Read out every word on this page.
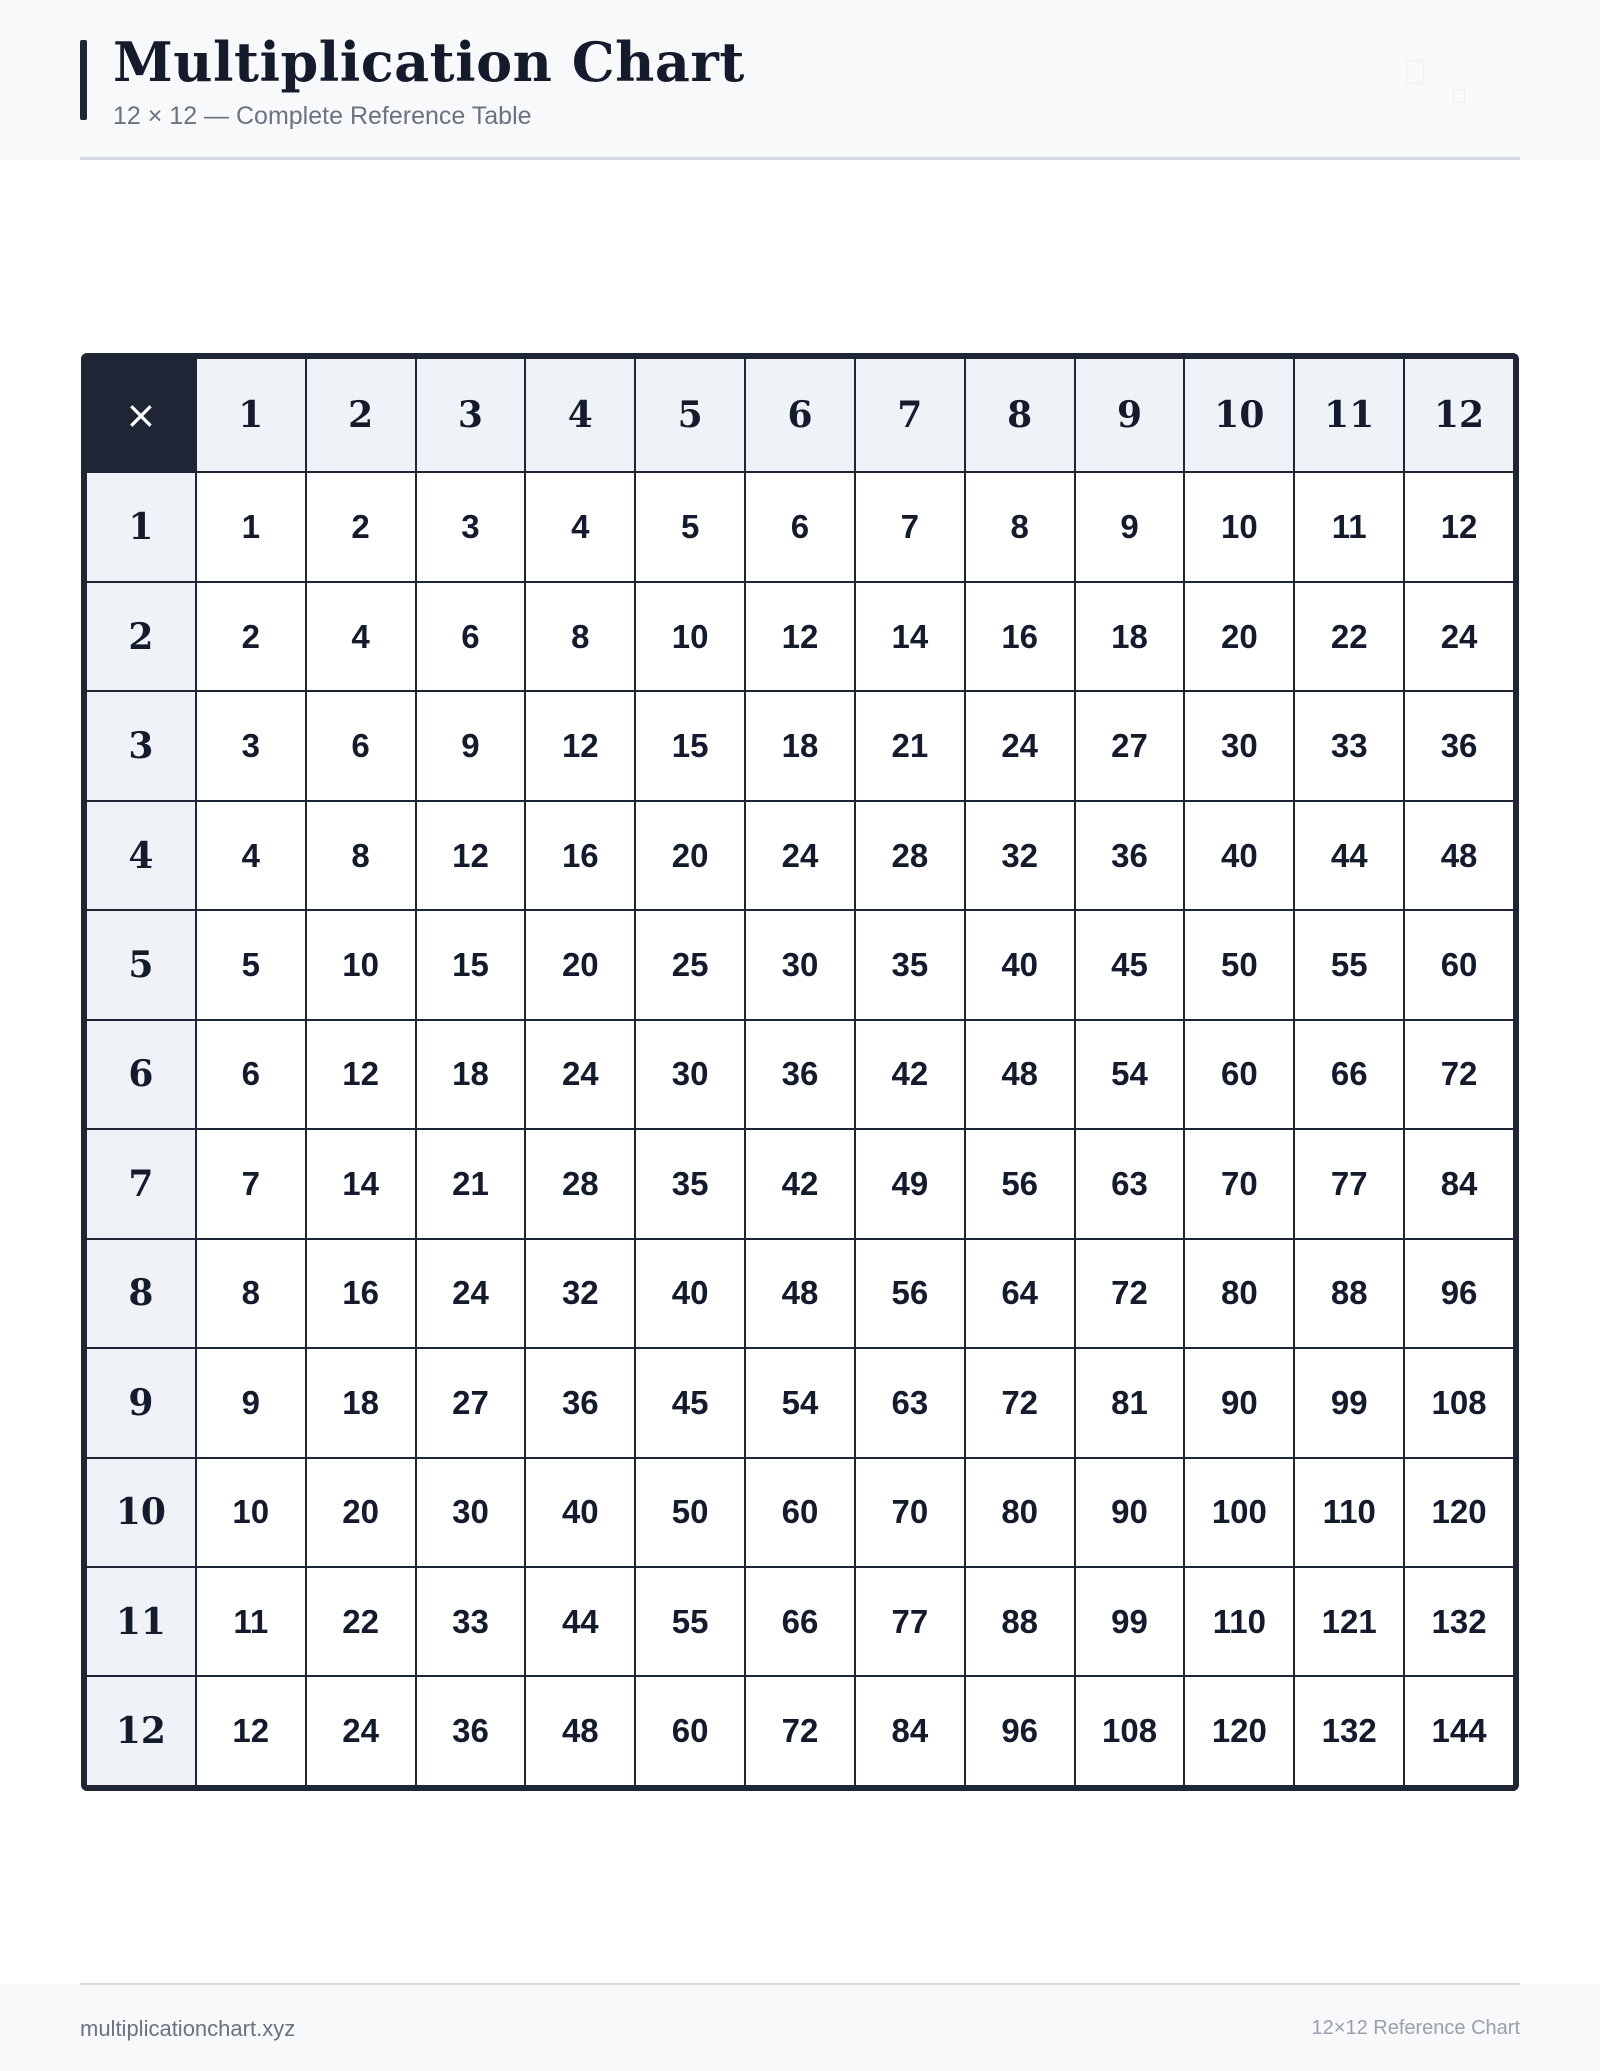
Multiplication Chart
12 × 12 — Complete Reference Table
×	1	2	3	4	5	6	7	8	9	10	11	12
1	1	2	3	4	5	6	7	8	9	10	11	12
2	2	4	6	8	10	12	14	16	18	20	22	24
3	3	6	9	12	15	18	21	24	27	30	33	36
4	4	8	12	16	20	24	28	32	36	40	44	48
5	5	10	15	20	25	30	35	40	45	50	55	60
6	6	12	18	24	30	36	42	48	54	60	66	72
7	7	14	21	28	35	42	49	56	63	70	77	84
8	8	16	24	32	40	48	56	64	72	80	88	96
9	9	18	27	36	45	54	63	72	81	90	99	108
10	10	20	30	40	50	60	70	80	90	100	110	120
11	11	22	33	44	55	66	77	88	99	110	121	132
12	12	24	36	48	60	72	84	96	108	120	132	144
multiplicationchart.xyz	12×12 Reference Chart
